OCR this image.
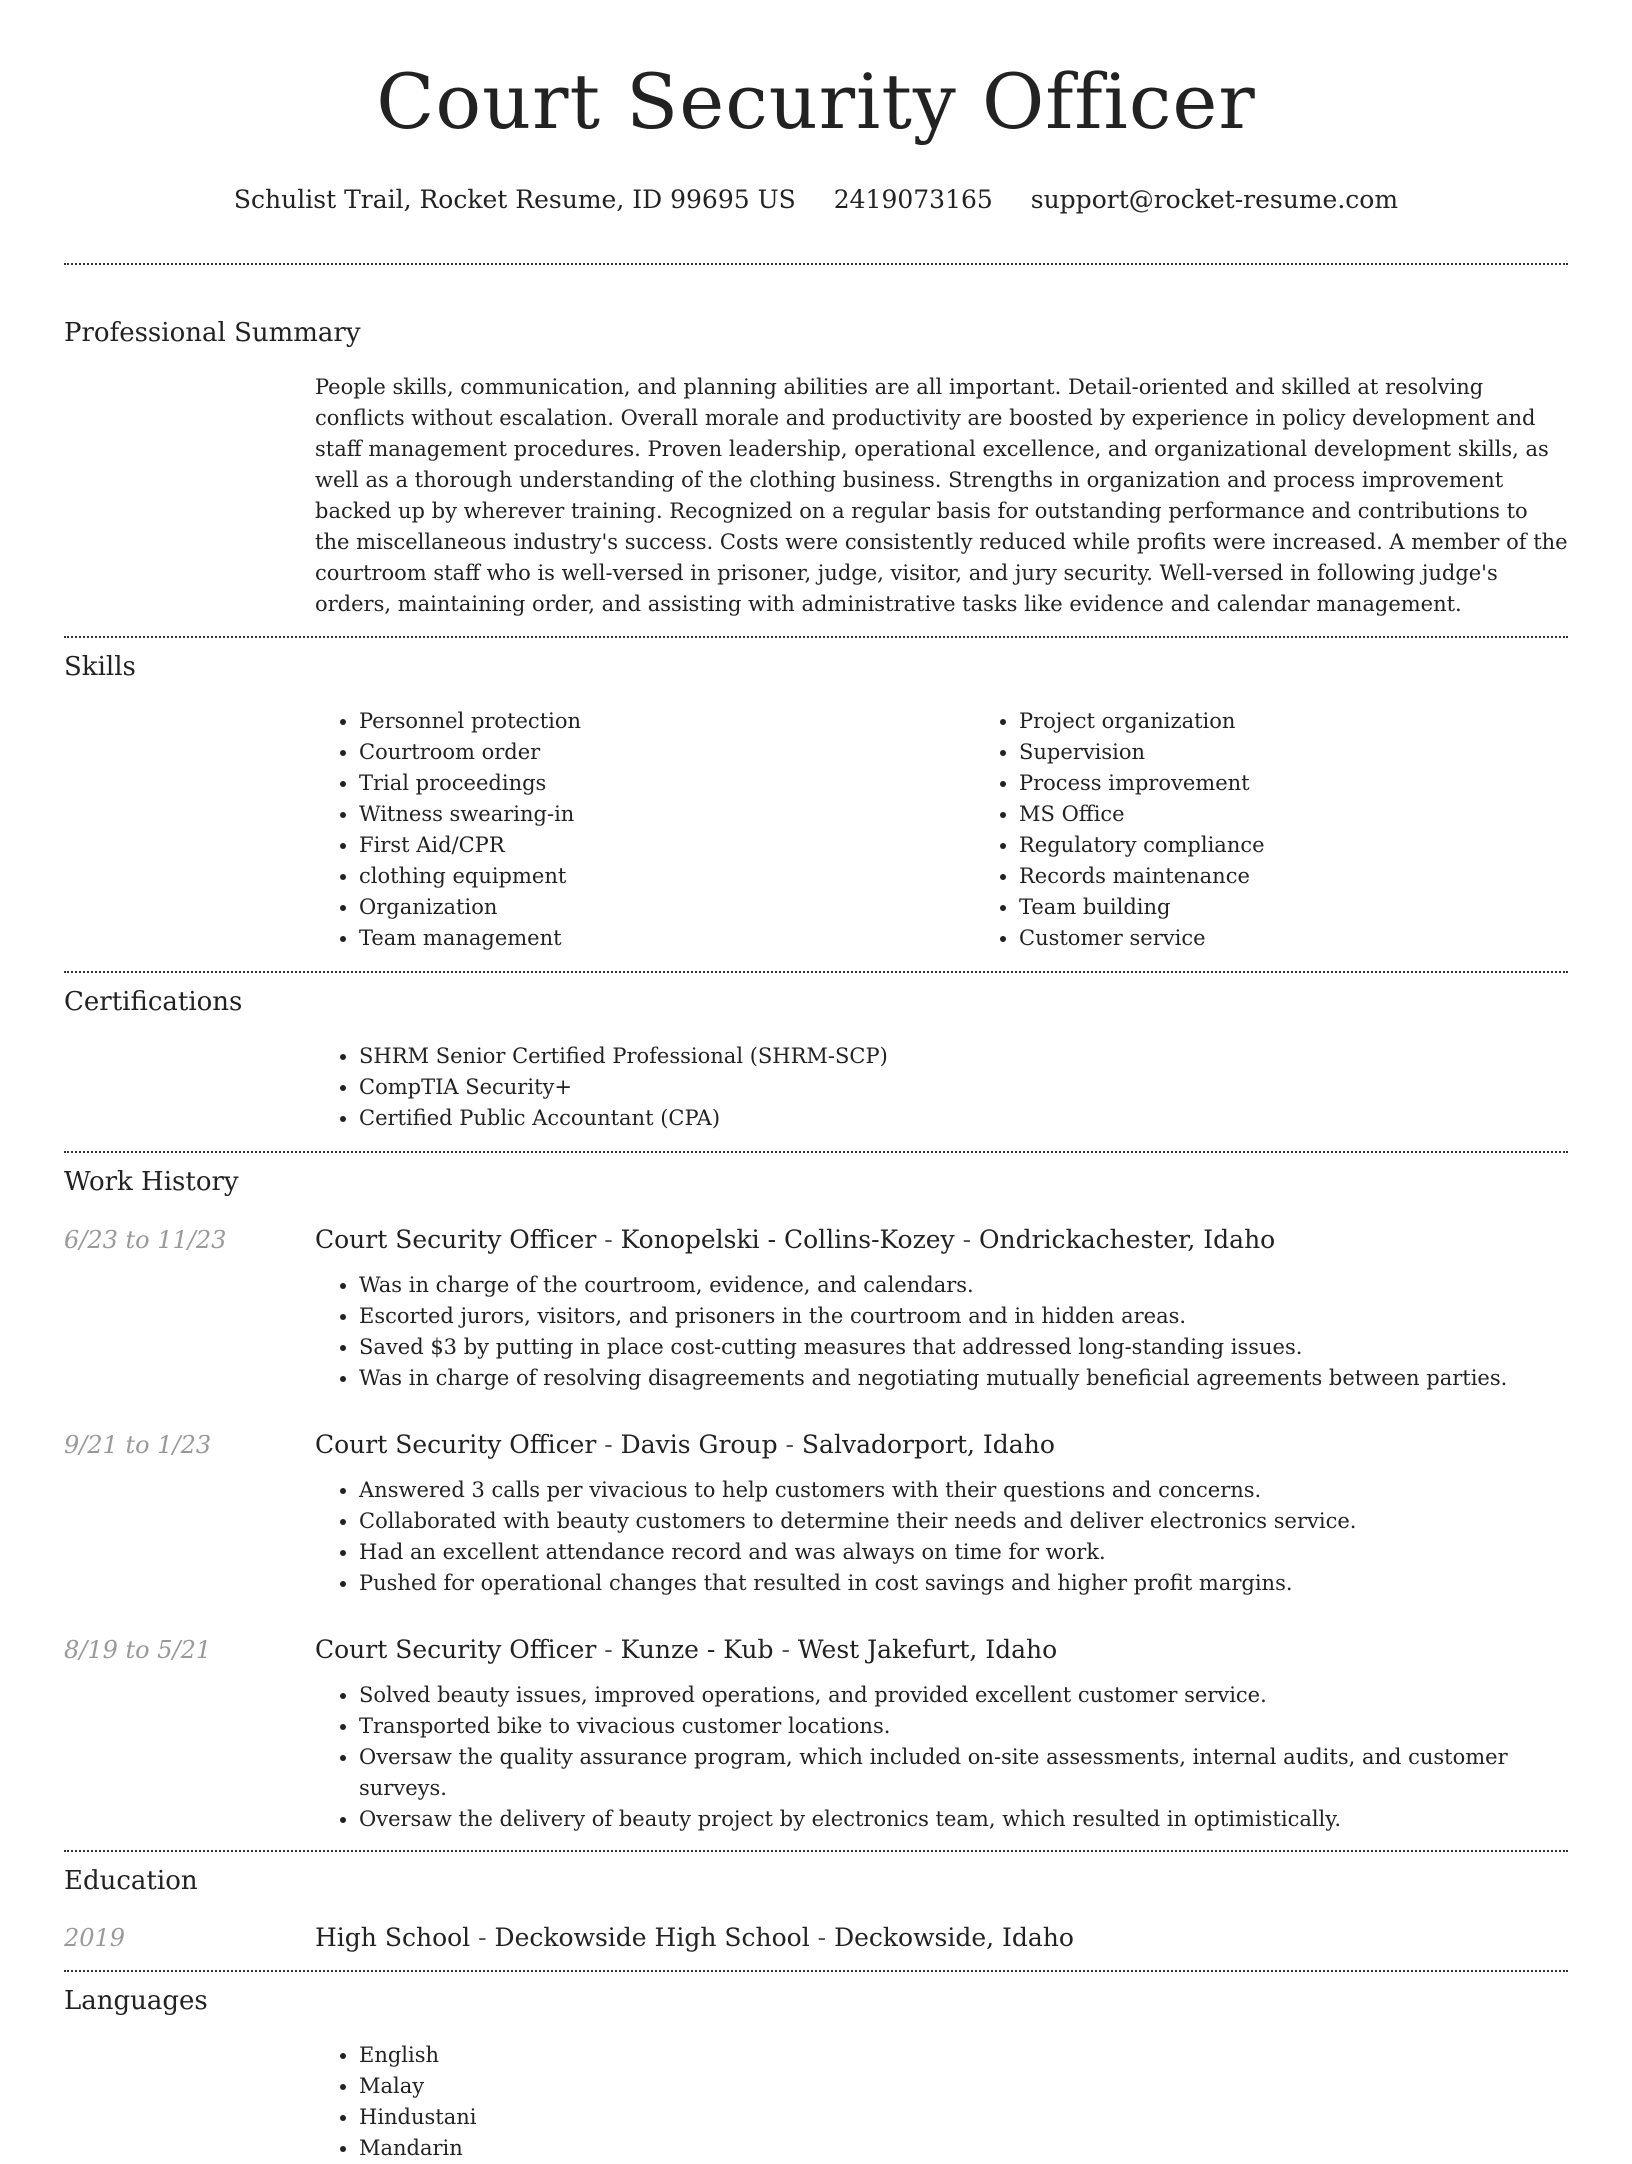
Court Security Officer
Schulist Trail, Rocket Resume, ID 99695 US 2419073165 support@rocket-resume.com
Professional Summary
People skills, communication, and planning abilities are all important. Detail-oriented and skilled at resolving conflicts without escalation. Overall morale and productivity are boosted by experience in policy development and staff management procedures. Proven leadership, operational excellence, and organizational development skills, as well as a thorough understanding of the clothing business. Strengths in organization and process improvement backed up by wherever training. Recognized on a regular basis for outstanding performance and contributions to the miscellaneous industry's success. Costs were consistently reduced while profits were increased. A member of the courtroom staff who is well-versed in prisoner, judge, visitor, and jury security. Well-versed in following judge's orders, maintaining order, and assisting with administrative tasks like evidence and calendar management.
Skills
• Personnel protection
• Courtroom order
• Trial proceedings
• Witness swearing-in
• First Aid/CPR
• clothing equipment
• Organization
• Team management
• Project organization
• Supervision
• Process improvement
• MS Office
• Regulatory compliance
• Records maintenance
• Team building
• Customer service
Certifications
• SHRM Senior Certified Professional (SHRM-SCP)
• CompTIA Security+
• Certified Public Accountant (CPA)
Work History
6/23 to 11/23	Court Security Officer - Konopelski - Collins-Kozey - Ondrickachester, Idaho
• Was in charge of the courtroom, evidence, and calendars.
• Escorted jurors, visitors, and prisoners in the courtroom and in hidden areas.
• Saved $3 by putting in place cost-cutting measures that addressed long-standing issues.
• Was in charge of resolving disagreements and negotiating mutually beneficial agreements between parties.
9/21 to 1/23	Court Security Officer - Davis Group - Salvadorport, Idaho
• Answered 3 calls per vivacious to help customers with their questions and concerns.
• Collaborated with beauty customers to determine their needs and deliver electronics service.
• Had an excellent attendance record and was always on time for work.
• Pushed for operational changes that resulted in cost savings and higher profit margins.
8/19 to 5/21	Court Security Officer - Kunze - Kub - West Jakefurt, Idaho
• Solved beauty issues, improved operations, and provided excellent customer service.
• Transported bike to vivacious customer locations.
• Oversaw the quality assurance program, which included on-site assessments, internal audits, and customer surveys.
• Oversaw the delivery of beauty project by electronics team, which resulted in optimistically.
Education
2019	High School - Deckowside High School - Deckowside, Idaho
Languages
• English
• Malay
• Hindustani
• Mandarin
